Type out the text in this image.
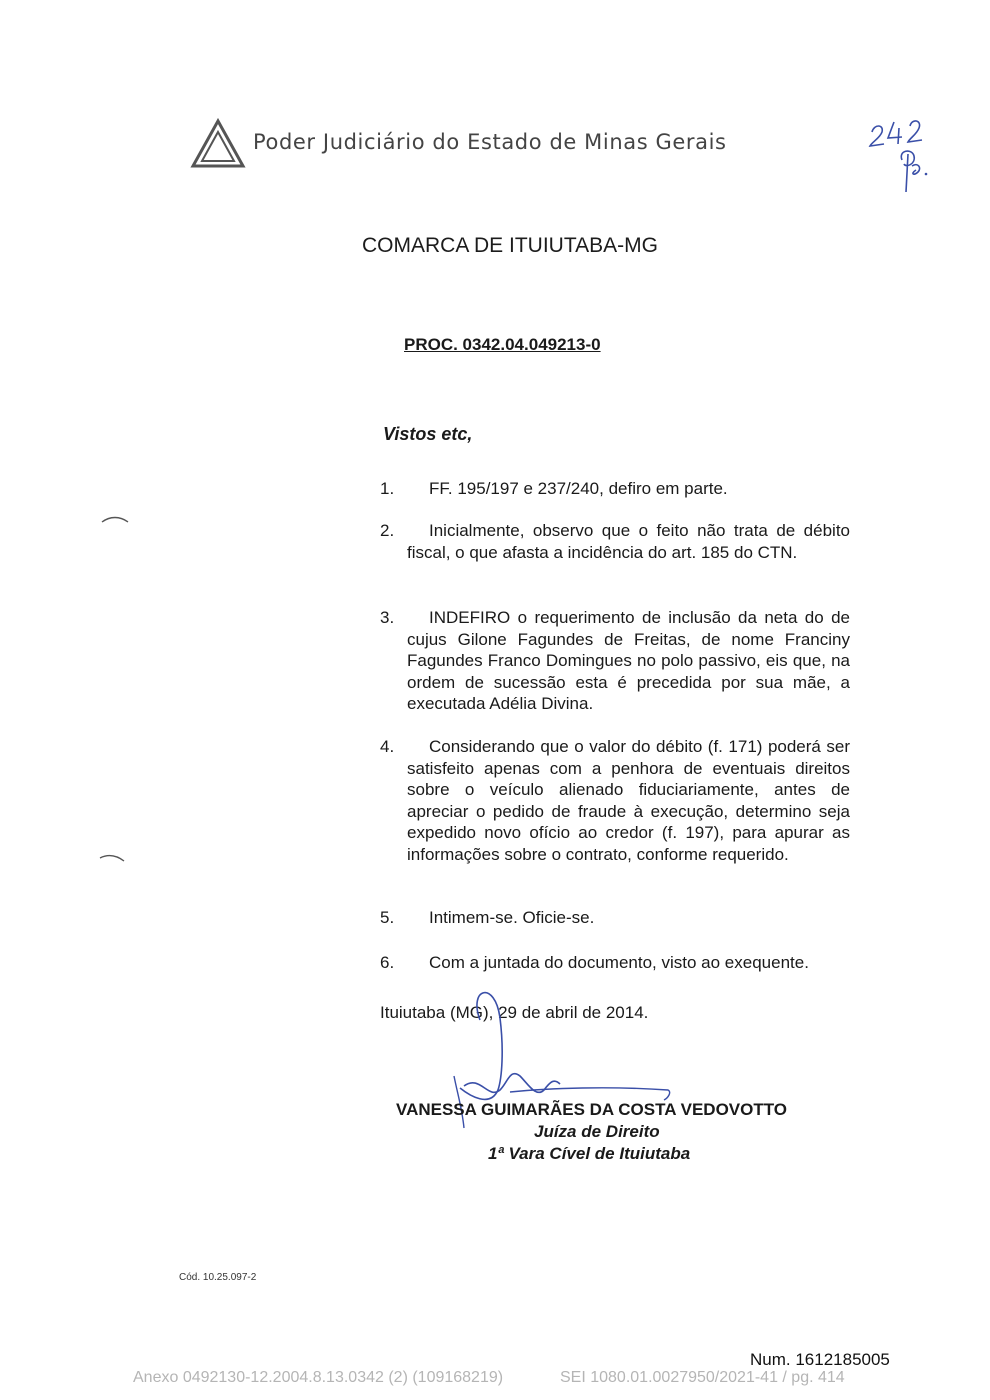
Poder Judiciário do Estado de Minas Gerais
COMARCA DE ITUIUTABA-MG
PROC. 0342.04.049213-0
Vistos etc,
1.	FF. 195/197 e 237/240, defiro em parte.
2.	Inicialmente, observo que o feito não trata de débito fiscal, o que afasta a incidência do art. 185 do CTN.
3.	INDEFIRO o requerimento de inclusão da neta do de cujus Gilone Fagundes de Freitas, de nome Franciny Fagundes Franco Domingues no polo passivo, eis que, na ordem de sucessão esta é precedida por sua mãe, a executada Adélia Divina.
4.	Considerando que o valor do débito (f. 171) poderá ser satisfeito apenas com a penhora de eventuais direitos sobre o veículo alienado fiduciariamente, antes de apreciar o pedido de fraude à execução, determino seja expedido novo ofício ao credor (f. 197), para apurar as informações sobre o contrato, conforme requerido.
5.	Intimem-se. Oficie-se.
6.	Com a juntada do documento, visto ao exequente.
Ituiutaba (MG), 29 de abril de 2014.
VANESSA GUIMARÃES DA COSTA VEDOVOTTO
Juíza de Direito
1ª Vara Cível de Ituiutaba
Cód. 10.25.097-2
Num. 1612185005
Anexo 0492130-12.2004.8.13.0342 (2) (109168219)	SEI 1080.01.0027950/2021-41 / pg. 414
